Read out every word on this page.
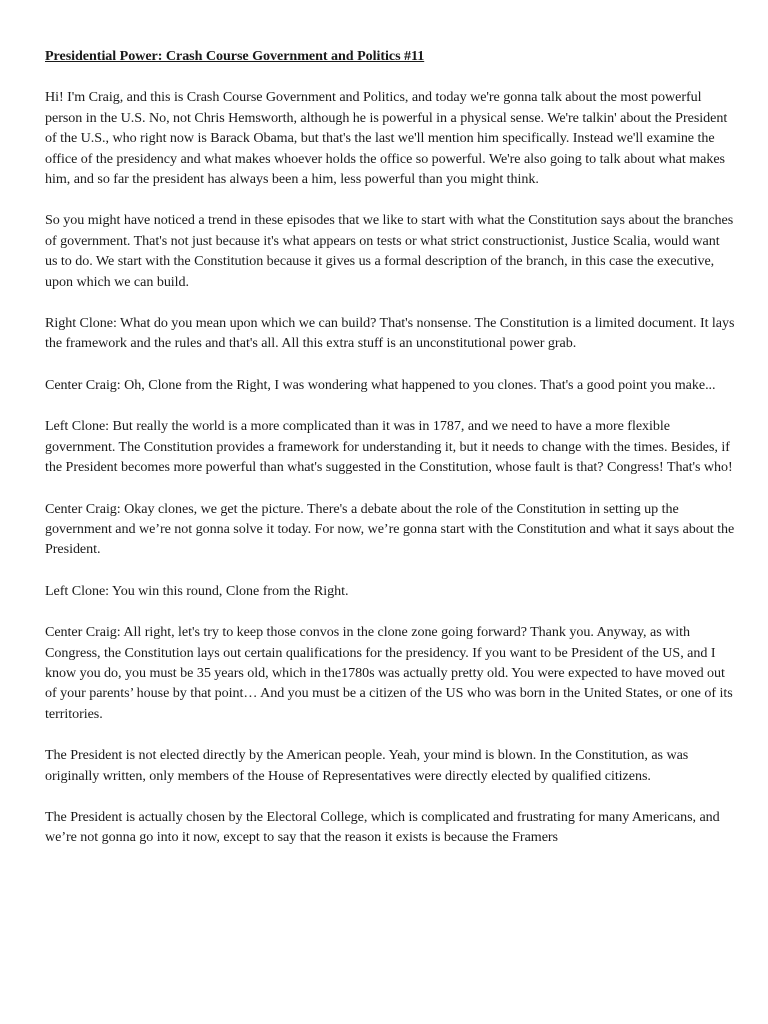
Presidential Power: Crash Course Government and Politics #11

Hi! I'm Craig, and this is Crash Course Government and Politics, and today we're gonna talk about the most powerful person in the U.S. No, not Chris Hemsworth, although he is powerful in a physical sense. We're talkin' about the President of the U.S., who right now is Barack Obama, but that's the last we'll mention him specifically. Instead we'll examine the office of the presidency and what makes whoever holds the office so powerful. We're also going to talk about what makes him, and so far the president has always been a him, less powerful than you might think.

So you might have noticed a trend in these episodes that we like to start with what the Constitution says about the branches of government. That's not just because it's what appears on tests or what strict constructionist, Justice Scalia, would want us to do. We start with the Constitution because it gives us a formal description of the branch, in this case the executive, upon which we can build.

Right Clone: What do you mean upon which we can build? That's nonsense. The Constitution is a limited document. It lays the framework and the rules and that's all. All this extra stuff is an unconstitutional power grab.

Center Craig: Oh, Clone from the Right, I was wondering what happened to you clones. That's a good point you make...

Left Clone: But really the world is a more complicated than it was in 1787, and we need to have a more flexible government. The Constitution provides a framework for understanding it, but it needs to change with the times. Besides, if the President becomes more powerful than what's suggested in the Constitution, whose fault is that? Congress! That's who!

Center Craig: Okay clones, we get the picture. There's a debate about the role of the Constitution in setting up the government and we’re not gonna solve it today. For now, we’re gonna start with the Constitution and what it says about the President.

Left Clone: You win this round, Clone from the Right.

Center Craig: All right, let's try to keep those convos in the clone zone going forward? Thank you. Anyway, as with Congress, the Constitution lays out certain qualifications for the presidency. If you want to be President of the US, and I know you do, you must be 35 years old, which in the1780s was actually pretty old. You were expected to have moved out of your parents’ house by that point… And you must be a citizen of the US who was born in the United States, or one of its territories.

The President is not elected directly by the American people. Yeah, your mind is blown. In the Constitution, as was originally written, only members of the House of Representatives were directly elected by qualified citizens.

The President is actually chosen by the Electoral College, which is complicated and frustrating for many Americans, and we’re not gonna go into it now, except to say that the reason it exists is because the Framers
